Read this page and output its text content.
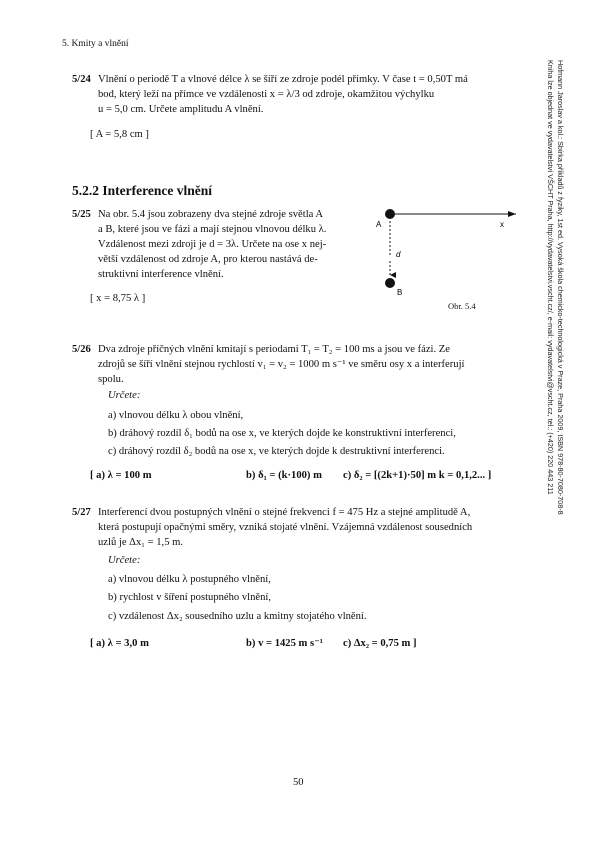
5. Kmity a vlnění
Hofmann Jaroslav a kol.: Sbírka příkladů z fyziky, 1st ed. Vysoká škola chemicko-technologická v Praze, Praha 2009, ISBN 978-80-7080-708-8
Kniha lze objednat ve vydavatelství VŠCHT Praha, http://vydavatelstvi.vscht.cz/, e-mail: vydavatelstvi@vscht.cz, tel.: (+420) 220 443 211
5/24 Vlnění o periodě T a vlnové délce λ se šíří ze zdroje podél přímky. V čase t = 0,50T má
bod, který leží na přímce ve vzdálenosti x = λ/3 od zdroje, okamžitou výchylku
u = 5,0 cm. Určete amplitudu A vlnění.
[ A = 5,8 cm ]
5.2.2 Interference vlnění
5/25 Na obr. 5.4 jsou zobrazeny dva stejné zdroje světla A
a B, které jsou ve fázi a mají stejnou vlnovou délku λ.
Vzdálenost mezi zdroji je d = 3λ. Určete na ose x nej-
větší vzdálenost od zdroje A, pro kterou nastává de-
struktivní interference vlnění.
[ x = 8,75 λ ]
A
B
x
d
Obr. 5.4
5/26 Dva zdroje příčných vlnění kmitají s periodami T₁ = T₂ = 100 ms a jsou ve fázi. Ze
zdrojů se šíří vlnění stejnou rychlostí v₁ = v₂ = 1000 m s⁻¹ ve směru osy x a interferují
spolu.
Určete:
a) vlnovou délku λ obou vlnění,
b) dráhový rozdíl δ₁ bodů na ose x, ve kterých dojde ke konstruktivní interferenci,
c) dráhový rozdíl δ₂ bodů na ose x, ve kterých dojde k destruktivní interferenci.
[ a) λ = 100 m	b) δ₁ = (k·100) m c) δ₂ = [(2k+1)·50] m k = 0,1,2... ]
5/27 Interferencí dvou postupných vlnění o stejné frekvenci f = 475 Hz a stejné amplitudě A,
která postupují opačnými směry, vzniká stojaté vlnění. Vzájemná vzdálenost sousedních
uzlů je Δx₁ = 1,5 m.
Určete:
a) vlnovou délku λ postupného vlnění,
b) rychlost v šíření postupného vlnění,
c) vzdálenost Δx₂ sousedního uzlu a kmitny stojatého vlnění.
[ a) λ = 3,0 m	b) v = 1425 m s⁻¹ c) Δx₂ = 0,75 m ]
50
